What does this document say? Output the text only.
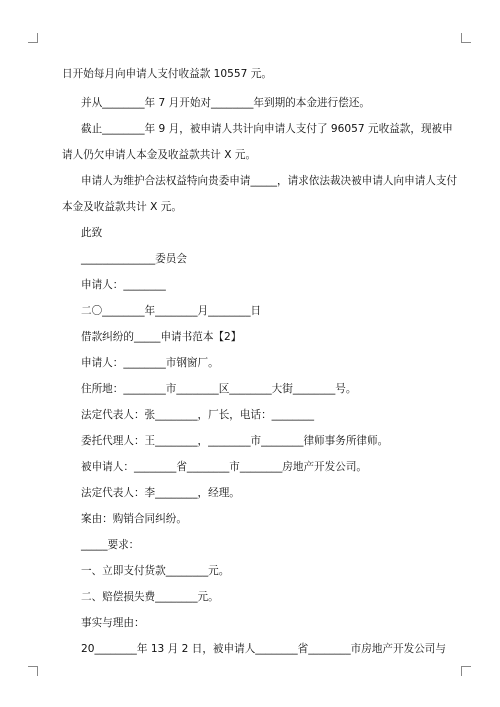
日开始每月向申请人支付收益款 10557 元。
并从________年 7 月开始对________年到期的本金进行偿还。
截止________年 9 月，被申请人共计向申请人支付了 96057 元收益款，现被申
请人仍欠申请人本金及收益款共计 X 元。
申请人为维护合法权益特向贵委申请_____，请求依法裁决被申请人向申请人支付
本金及收益款共计 X 元。
此致
______________委员会
申请人：________
二〇________年________月________日
借款纠纷的_____申请书范本【2】
申请人：________市钢窗厂。
住所地：________市________区________大街________号。
法定代表人：张________，厂长，电话：________
委托代理人：王________，________市________律师事务所律师。
被申请人：________省________市________房地产开发公司。
法定代表人：李________，经理。
案由：购销合同纠纷。
_____要求：
一、立即支付货款________元。
二、赔偿损失费________元。
事实与理由：
20________年 13 月 2 日，被申请人________省________市房地产开发公司与
